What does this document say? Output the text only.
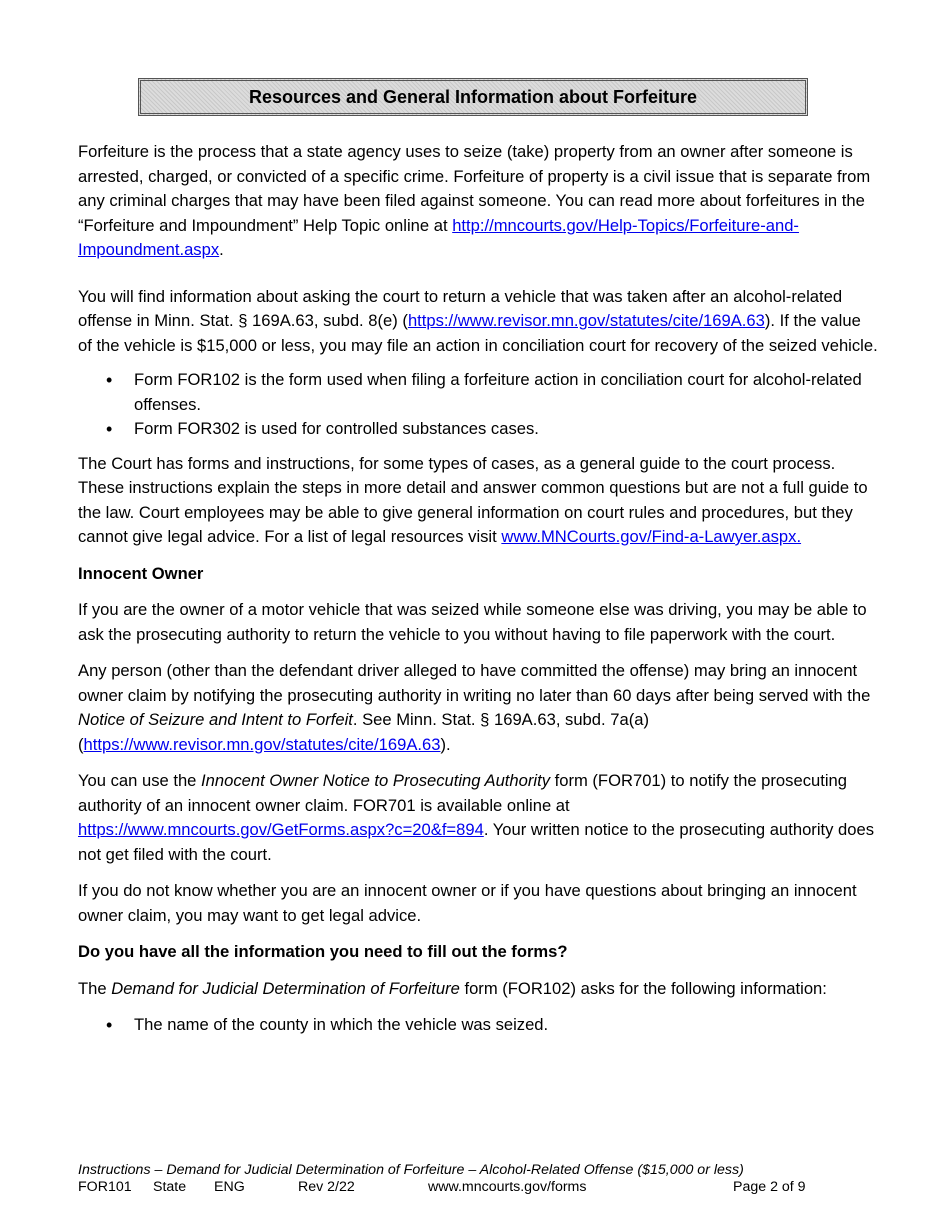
Resources and General Information about Forfeiture

Forfeiture is the process that a state agency uses to seize (take) property from an owner after someone is arrested, charged, or convicted of a specific crime. Forfeiture of property is a civil issue that is separate from any criminal charges that may have been filed against someone. You can read more about forfeitures in the “Forfeiture and Impoundment” Help Topic online at http://mncourts.gov/Help-Topics/Forfeiture-and-Impoundment.aspx.

You will find information about asking the court to return a vehicle that was taken after an alcohol-related offense in Minn. Stat. § 169A.63, subd. 8(e) (https://www.revisor.mn.gov/statutes/cite/169A.63). If the value of the vehicle is $15,000 or less, you may file an action in conciliation court for recovery of the seized vehicle.

• Form FOR102 is the form used when filing a forfeiture action in conciliation court for alcohol-related offenses.
• Form FOR302 is used for controlled substances cases.

The Court has forms and instructions, for some types of cases, as a general guide to the court process. These instructions explain the steps in more detail and answer common questions but are not a full guide to the law. Court employees may be able to give general information on court rules and procedures, but they cannot give legal advice. For a list of legal resources visit www.MNCourts.gov/Find-a-Lawyer.aspx.

Innocent Owner

If you are the owner of a motor vehicle that was seized while someone else was driving, you may be able to ask the prosecuting authority to return the vehicle to you without having to file paperwork with the court.

Any person (other than the defendant driver alleged to have committed the offense) may bring an innocent owner claim by notifying the prosecuting authority in writing no later than 60 days after being served with the Notice of Seizure and Intent to Forfeit. See Minn. Stat. § 169A.63, subd. 7a(a) (https://www.revisor.mn.gov/statutes/cite/169A.63).

You can use the Innocent Owner Notice to Prosecuting Authority form (FOR701) to notify the prosecuting authority of an innocent owner claim. FOR701 is available online at https://www.mncourts.gov/GetForms.aspx?c=20&f=894. Your written notice to the prosecuting authority does not get filed with the court.

If you do not know whether you are an innocent owner or if you have questions about bringing an innocent owner claim, you may want to get legal advice.

Do you have all the information you need to fill out the forms?

The Demand for Judicial Determination of Forfeiture form (FOR102) asks for the following information:

• The name of the county in which the vehicle was seized.
Instructions – Demand for Judicial Determination of Forfeiture – Alcohol-Related Offense ($15,000 or less)
FOR101 State ENG	Rev 2/22	www.mncourts.gov/forms	Page 2 of 9
